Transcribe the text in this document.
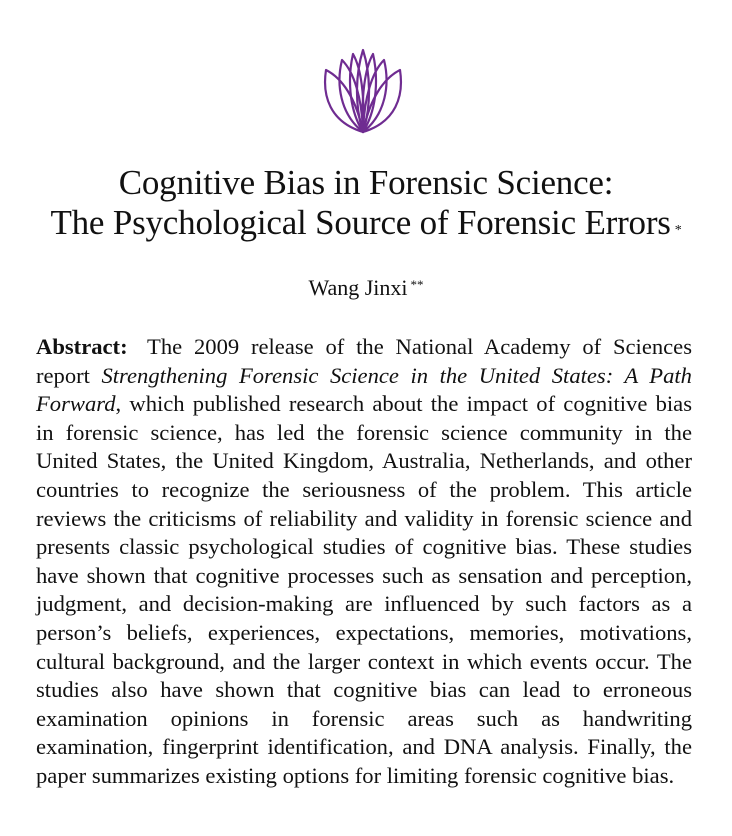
Cognitive Bias in Forensic Science:
The Psychological Source of Forensic Errors *
Wang Jinxi **
Abstract: The 2009 release of the National Academy of Sciences report Strengthening Forensic Science in the United States: A Path Forward, which published research about the impact of cognitive bias in forensic science, has led the forensic science community in the United States, the United Kingdom, Australia, Netherlands, and other countries to recognize the seriousness of the problem. This article reviews the criticisms of reliability and validity in forensic science and presents classic psychological studies of cognitive bias. These studies have shown that cognitive processes such as sensation and perception, judgment, and decision-making are influenced by such factors as a person’s beliefs, experiences, expectations, memories, motivations, cultural background, and the larger context in which events occur. The studies also have shown that cognitive bias can lead to erroneous examination opinions in forensic areas such as handwriting examination, fingerprint identification, and DNA analysis. Finally, the paper summarizes existing options for limiting forensic cognitive bias.
